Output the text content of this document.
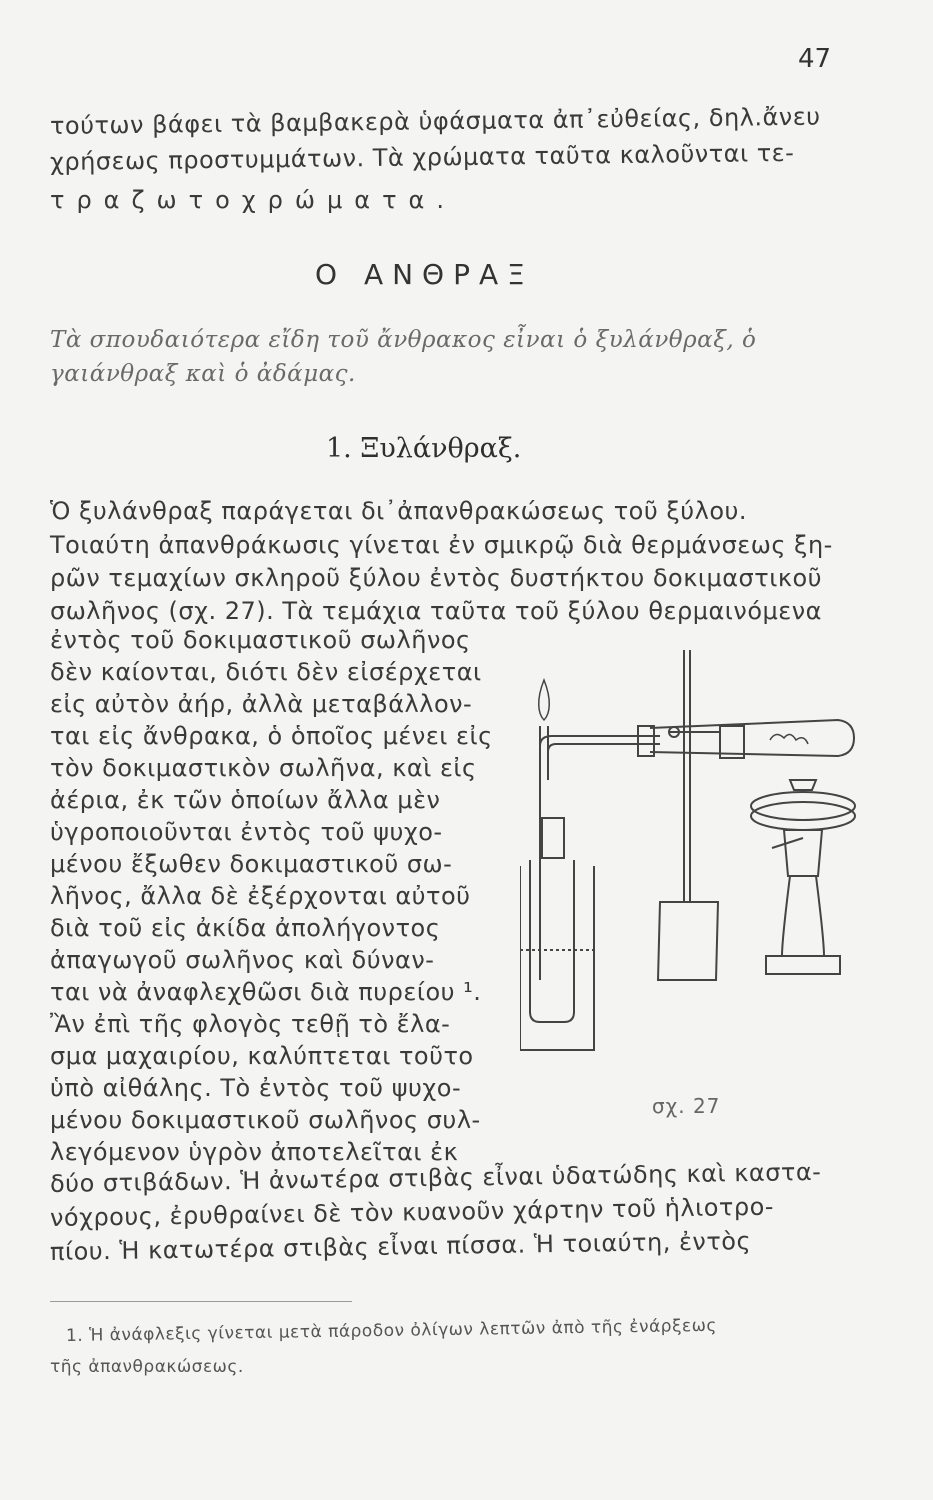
47
τούτων βάφει τὰ βαμβακερὰ ὑφάσματα ἀπ᾽εὐθείας, δηλ.ἄνευ
χρήσεως προστυμμάτων. Τὰ χρώματα ταῦτα καλοῦνται τε-
τραζωτοχρώματα.
Ο ΑΝΘΡΑΞ
Τὰ σπουδαιότερα εἴδη τοῦ ἄνθρακος εἶναι ὁ ξυλάνθραξ, ὁ
γαιάνθραξ καὶ ὁ ἀδάμας.
1. Ξυλάνθραξ.
Ὁ ξυλάνθραξ παράγεται δι᾽ἀπανθρακώσεως τοῦ ξύλου.
Τοιαύτη ἀπανθράκωσις γίνεται ἐν σμικρῷ διὰ θερμάνσεως ξη-
ρῶν τεμαχίων σκληροῦ ξύλου ἐντὸς δυστήκτου δοκιμαστικοῦ
σωλῆνος (σχ. 27). Τὰ τεμάχια ταῦτα τοῦ ξύλου θερμαινόμενα
ἐντὸς τοῦ δοκιμαστικοῦ σωλῆνος
δὲν καίονται, διότι δὲν εἰσέρχεται
εἰς αὐτὸν ἀήρ, ἀλλὰ μεταβάλλον-
ται εἰς ἄνθρακα, ὁ ὁποῖος μένει εἰς
τὸν δοκιμαστικὸν σωλῆνα, καὶ εἰς
ἀέρια, ἐκ τῶν ὁποίων ἄλλα μὲν
ὑγροποιοῦνται ἐντὸς τοῦ ψυχο-
μένου ἔξωθεν δοκιμαστικοῦ σω-
λῆνος, ἄλλα δὲ ἐξέρχονται αὐτοῦ
διὰ τοῦ εἰς ἀκίδα ἀπολήγοντος
ἀπαγωγοῦ σωλῆνος καὶ δύναν-
ται νὰ ἀναφλεχθῶσι διὰ πυρείου ¹.
Ἂν ἐπὶ τῆς φλογὸς τεθῇ τὸ ἔλα-
σμα μαχαιρίου, καλύπτεται τοῦτο
ὑπὸ αἰθάλης. Τὸ ἐντὸς τοῦ ψυχο-
μένου δοκιμαστικοῦ σωλῆνος συλ-
λεγόμενον ὑγρὸν ἀποτελεῖται ἐκ
δύο στιβάδων. Ἡ ἀνωτέρα στιβὰς εἶναι ὑδατώδης καὶ καστα-
νόχρους, ἐρυθραίνει δὲ τὸν κυανοῦν χάρτην τοῦ ἡλιοτρο-
πίου. Ἡ κατωτέρα στιβὰς εἶναι πίσσα. Ἡ τοιαύτη, ἐντὸς
σχ. 27
1. Ἡ ἀνάφλεξις γίνεται μετὰ πάροδον ὀλίγων λεπτῶν ἀπὸ τῆς ἐνάρξεως
τῆς ἀπανθρακώσεως.
